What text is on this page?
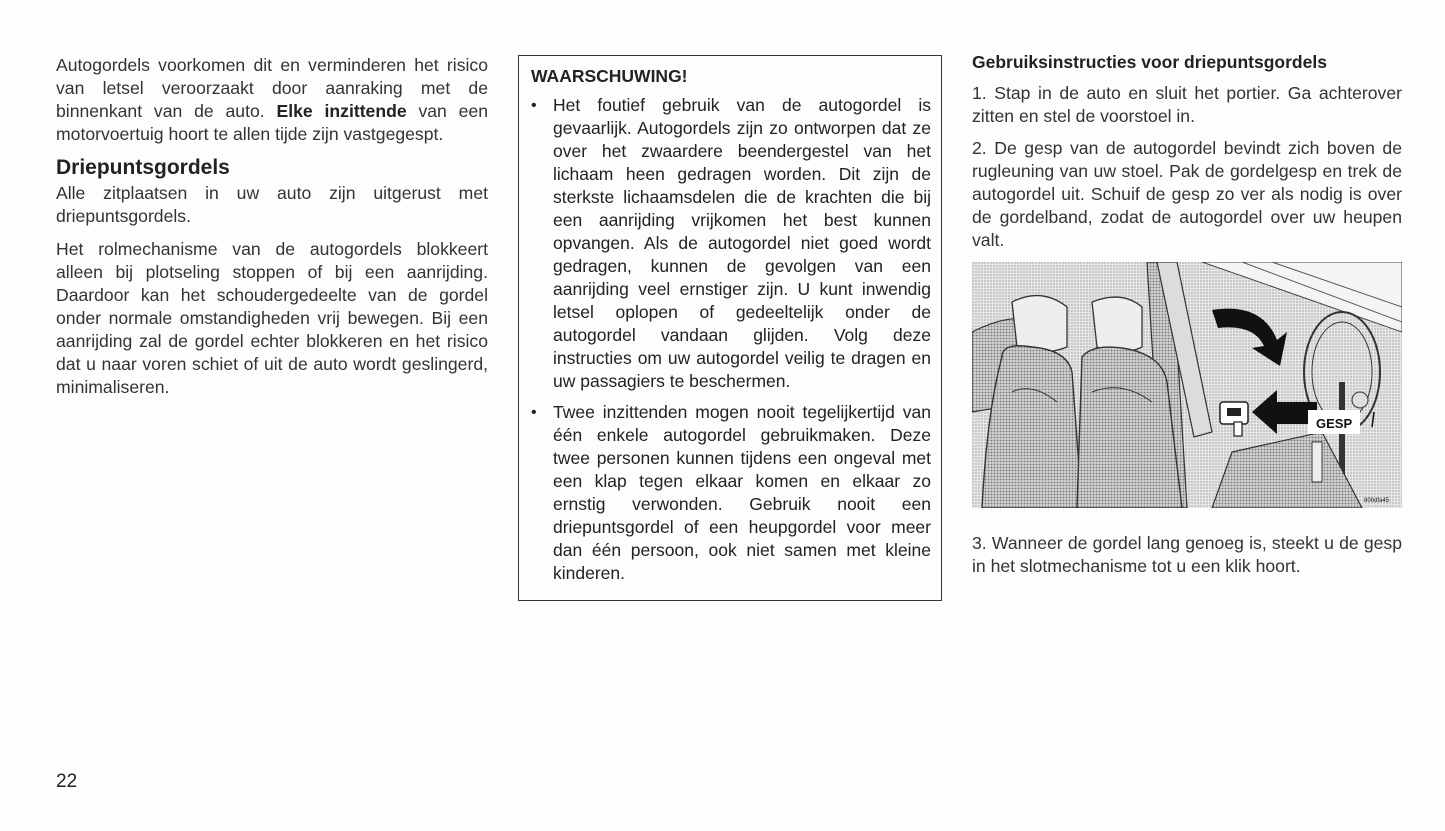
Autogordels voorkomen dit en verminderen het risico van letsel veroorzaakt door aanraking met de binnenkant van de auto. Elke inzittende van een motorvoertuig hoort te allen tijde zijn vastgegespt.

Driepuntsgordels

Alle zitplaatsen in uw auto zijn uitgerust met driepuntsgordels.

Het rolmechanisme van de autogordels blokkeert alleen bij plotseling stoppen of bij een aanrijding. Daardoor kan het schoudergedeelte van de gordel onder normale omstandigheden vrij bewegen. Bij een aanrijding zal de gordel echter blokkeren en het risico dat u naar voren schiet of uit de auto wordt geslingerd, minimaliseren.

WAARSCHUWING!
• Het foutief gebruik van de autogordel is gevaarlijk. Autogordels zijn zo ontworpen dat ze over het zwaardere beendergestel van het lichaam heen gedragen worden. Dit zijn de sterkste lichaamsdelen die de krachten die bij een aanrijding vrijkomen het best kunnen opvangen. Als de autogordel niet goed wordt gedragen, kunnen de gevolgen van een aanrijding veel ernstiger zijn. U kunt inwendig letsel oplopen of gedeeltelijk onder de autogordel vandaan glijden. Volg deze instructies om uw autogordel veilig te dragen en uw passagiers te beschermen.
• Twee inzittenden mogen nooit tegelijkertijd van één enkele autogordel gebruikmaken. Deze twee personen kunnen tijdens een ongeval met een klap tegen elkaar komen en elkaar zo ernstig verwonden. Gebruik nooit een driepuntsgordel of een heupgordel voor meer dan één persoon, ook niet samen met kleine kinderen.
Gebruiksinstructies voor driepuntsgordels

1. Stap in de auto en sluit het portier. Ga achterover zitten en stel de voorstoel in.

2. De gesp van de autogordel bevindt zich boven de rugleuning van uw stoel. Pak de gordelgesp en trek de autogordel uit. Schuif de gesp zo ver als nodig is over de gordelband, zodat de autogordel over uw heupen valt.

GESP
800dfa45

3. Wanneer de gordel lang genoeg is, steekt u de gesp in het slotmechanisme tot u een klik hoort.

22
